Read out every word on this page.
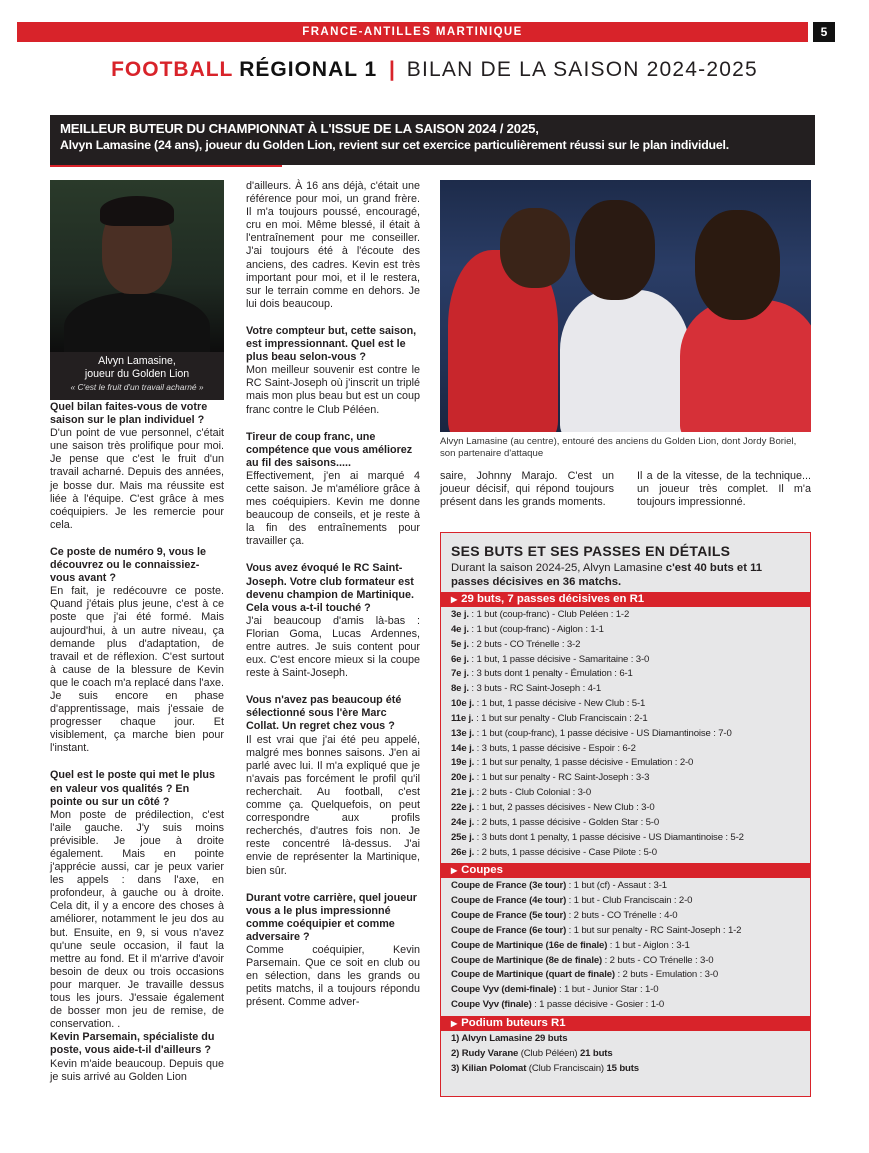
FRANCE-ANTILLES MARTINIQUE	5
FOOTBALL RÉGIONAL 1 | BILAN DE LA SAISON 2024-2025
MEILLEUR BUTEUR DU CHAMPIONNAT À L'ISSUE DE LA SAISON 2024 / 2025,
Alvyn Lamasine (24 ans), joueur du Golden Lion, revient sur cet exercice particulièrement réussi sur le plan individuel.
Alvyn Lamasine,
joueur du Golden Lion
« C'est le fruit d'un travail acharné »

Quel bilan faites-vous de votre saison sur le plan individuel ?

D'un point de vue personnel, c'était une saison très prolifique pour moi. Je pense que c'est le fruit d'un travail acharné. Depuis des années, je bosse dur. Mais ma réussite est liée à l'équipe. C'est grâce à mes coéquipiers. Je les remercie pour cela.

Ce poste de numéro 9, vous le découvrez ou le connaissiez-vous avant ?

En fait, je redécouvre ce poste. Quand j'étais plus jeune, c'est à ce poste que j'ai été formé. Mais aujourd'hui, à un autre niveau, ça demande plus d'adaptation, de travail et de réflexion. C'est surtout à cause de la blessure de Kevin que le coach m'a replacé dans l'axe. Je suis encore en phase d'apprentissage, mais j'essaie de progresser chaque jour. Et visiblement, ça marche bien pour l'instant.

Quel est le poste qui met le plus en valeur vos qualités ? En pointe ou sur un côté ?

Mon poste de prédilection, c'est l'aile gauche. J'y suis moins prévisible. Je joue à droite également. Mais en pointe j'apprécie aussi, car je peux varier les appels : dans l'axe, en profondeur, à gauche ou à droite. Cela dit, il y a encore des choses à améliorer, notamment le jeu dos au but. Ensuite, en 9, si vous n'avez qu'une seule occasion, il faut la mettre au fond. Et il m'arrive d'avoir besoin de deux ou trois occasions pour marquer. Je travaille dessus tous les jours. J'essaie également de bosser mon jeu de remise, de conservation. .

Kevin Parsemain, spécialiste du poste, vous aide-t-il d'ailleurs ?

Kevin m'aide beaucoup. Depuis que je suis arrivé au Golden Lion

d'ailleurs. À 16 ans déjà, c'était une référence pour moi, un grand frère. Il m'a toujours poussé, encouragé, cru en moi. Même blessé, il était à l'entraînement pour me conseiller. J'ai toujours été à l'écoute des anciens, des cadres. Kevin est très important pour moi, et il le restera, sur le terrain comme en dehors. Je lui dois beaucoup.

Votre compteur but, cette saison, est impressionnant. Quel est le plus beau selon-vous ?

Mon meilleur souvenir est contre le RC Saint-Joseph où j'inscrit un triplé mais mon plus beau but est un coup franc contre le Club Péléen.

Tireur de coup franc, une compétence que vous améliorez au fil des saisons.....

Effectivement, j'en ai marqué 4 cette saison. Je m'améliore grâce à mes coéquipiers. Kevin me donne beaucoup de conseils, et je reste à la fin des entraînements pour travailler ça.

Vous avez évoqué le RC Saint-Joseph. Votre club formateur est devenu champion de Martinique. Cela vous a-t-il touché ?

J'ai beaucoup d'amis là-bas : Florian Goma, Lucas Ardennes, entre autres. Je suis content pour eux. C'est encore mieux si la coupe reste à Saint-Joseph.

Vous n'avez pas beaucoup été sélectionné sous l'ère Marc Collat. Un regret chez vous ?

Il est vrai que j'ai été peu appelé, malgré mes bonnes saisons. J'en ai parlé avec lui. Il m'a expliqué que je n'avais pas forcément le profil qu'il recherchait. Au football, c'est comme ça. Quelquefois, on peut correspondre aux profils recherchés, d'autres fois non. Je reste concentré là-dessus. J'ai envie de représenter la Martinique, bien sûr.

Durant votre carrière, quel joueur vous a le plus impressionné comme coéquipier et comme adversaire ?

Comme coéquipier, Kevin Parsemain. Que ce soit en club ou en sélection, dans les grands ou petits matchs, il a toujours répondu présent. Comme adver-

Alvyn Lamasine (au centre), entouré des anciens du Golden Lion, dont Jordy Boriel, son partenaire d'attaque
saire, Johnny Marajo. C'est un joueur décisif, qui répond toujours présent dans les grands moments.
Il a de la vitesse, de la technique... un joueur très complet. Il m'a toujours impressionné.
SES BUTS ET SES PASSES EN DÉTAILS
Durant la saison 2024-25, Alvyn Lamasine c'est 40 buts et 11 passes décisives en 36 matchs.
▶ 29 buts, 7 passes décisives en R1
3e j. : 1 but (coup-franc) - Club Peléen : 1-2
4e j. : 1 but (coup-franc) - Aiglon : 1-1
5e j. : 2 buts - CO Trénelle : 3-2
6e j. : 1 but, 1 passe décisive - Samaritaine : 3-0
7e j. : 3 buts dont 1 penalty - Émulation : 6-1
8e j. : 3 buts - RC Saint-Joseph : 4-1
10e j. : 1 but, 1 passe décisive - New Club : 5-1
11e j. : 1 but sur penalty - Club Franciscain : 2-1
13e j. : 1 but (coup-franc), 1 passe décisive - US Diamantinoise : 7-0
14e j. : 3 buts, 1 passe décisive - Espoir : 6-2
19e j. : 1 but sur penalty, 1 passe décisive - Emulation : 2-0
20e j. : 1 but sur penalty - RC Saint-Joseph : 3-3
21e j. : 2 buts - Club Colonial : 3-0
22e j. : 1 but, 2 passes décisives - New Club : 3-0
24e j. : 2 buts, 1 passe décisive - Golden Star : 5-0
25e j. : 3 buts dont 1 penalty, 1 passe décisive - US Diamantinoise : 5-2
26e j. : 2 buts, 1 passe décisive - Case Pilote : 5-0
▶ Coupes
Coupe de France (3e tour) : 1 but (cf) - Assaut : 3-1
Coupe de France (4e tour) : 1 but - Club Franciscain : 2-0
Coupe de France (5e tour) : 2 buts - CO Trénelle : 4-0
Coupe de France (6e tour) : 1 but sur penalty - RC Saint-Joseph : 1-2
Coupe de Martinique (16e de finale) : 1 but - Aiglon : 3-1
Coupe de Martinique (8e de finale) : 2 buts - CO Trénelle : 3-0
Coupe de Martinique (quart de finale) : 2 buts - Emulation : 3-0
Coupe Vyv (demi-finale) : 1 but - Junior Star : 1-0
Coupe Vyv (finale) : 1 passe décisive - Gosier : 1-0
▶ Podium buteurs R1
1) Alvyn Lamasine 29 buts
2) Rudy Varane (Club Péléen) 21 buts
3) Kilian Polomat (Club Franciscain) 15 buts
